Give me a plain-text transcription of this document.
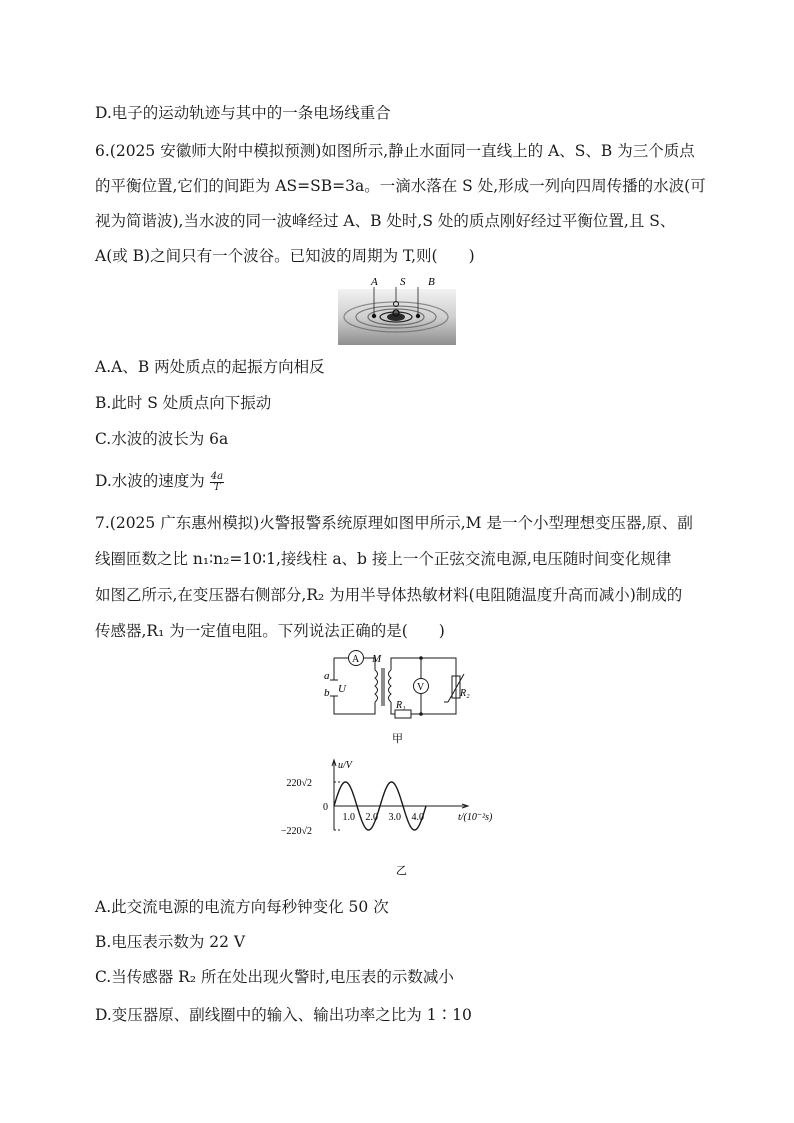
D.电子的运动轨迹与其中的一条电场线重合
6.(2025 安徽师大附中模拟预测)如图所示,静止水面同一直线上的 A、S、B 为三个质点
的平衡位置,它们的间距为 AS=SB=3a。一滴水落在 S 处,形成一列向四周传播的水波(可
视为简谐波),当水波的同一波峰经过 A、B 处时,S 处的质点刚好经过平衡位置,且 S、
A(或 B)之间只有一个波谷。已知波的周期为 T,则(　　)
A S B
A.A、B 两处质点的起振方向相反
B.此时 S 处质点向下振动
C.水波的波长为 6a
D.水波的速度为 $\frac{4a}{T}$
7.(2025 广东惠州模拟)火警报警系统原理如图甲所示,M 是一个小型理想变压器,原、副
线圈匝数之比 n₁∶n₂=10∶1,接线柱 a、b 接上一个正弦交流电源,电压随时间变化规律
如图乙所示,在变压器右侧部分,R₂ 为用半导体热敏材料(电阻随温度升高而减小)制成的
传感器,R₁ 为一定值电阻。下列说法正确的是(　　)
A
V
M
a
b U
R₁
R₂
甲
220√2
−220√2
0
u/V
t/(10⁻²s)
1.0 2.0 3.0 4.0
乙
A.此交流电源的电流方向每秒钟变化 50 次
B.电压表示数为 22 V
C.当传感器 R₂ 所在处出现火警时,电压表的示数减小
D.变压器原、副线圈中的输入、输出功率之比为 1∶10
